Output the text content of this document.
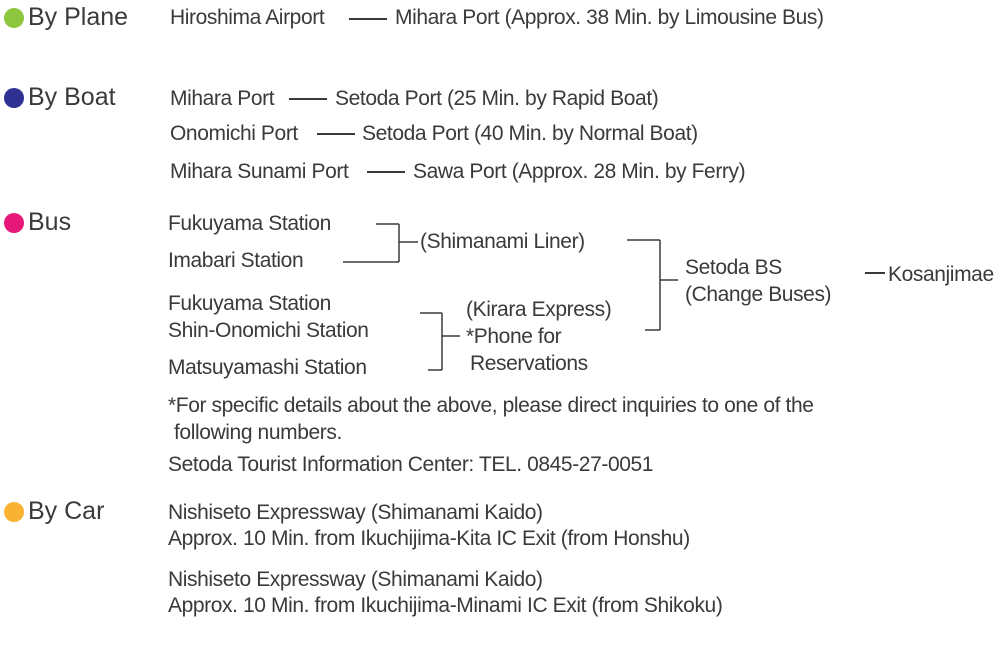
By Plane Hiroshima Airport	Mihara Port (Approx. 38 Min. by Limousine Bus)
By Boat	Mihara Port	Setoda Port (25 Min. by Rapid Boat)
Onomichi Port	Setoda Port (40 Min. by Normal Boat)
Mihara Sunami Port	Sawa Port (Approx. 28 Min. by Ferry)
Bus	Fukuyama Station
Imabari Station
(Shimanami Liner)
Fukuyama Station
Shin-Onomichi Station
Matsuyamashi Station
(Kirara Express)
*Phone for
Reservations
Setoda BS
(Change Buses)
Kosanjimae
*For specific details about the above, please direct inquiries to one of the
following numbers.
Setoda Tourist Information Center: TEL. 0845-27-0051
By Car	Nishiseto Expressway (Shimanami Kaido)
Approx. 10 Min. from Ikuchijima-Kita IC Exit (from Honshu)
Nishiseto Expressway (Shimanami Kaido)
Approx. 10 Min. from Ikuchijima-Minami IC Exit (from Shikoku)
